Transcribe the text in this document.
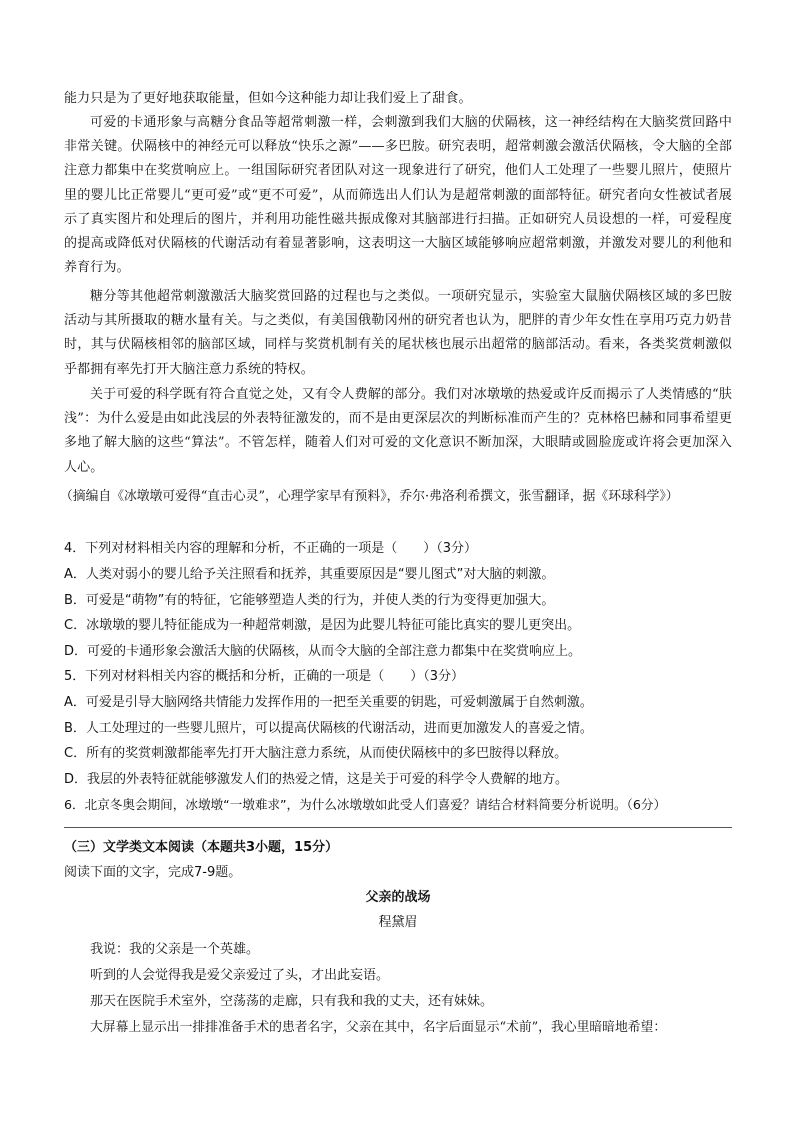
能力只是为了更好地获取能量，但如今这种能力却让我们爱上了甜食。

可爱的卡通形象与高糖分食品等超常刺激一样，会刺激到我们大脑的伏隔核，这一神经结构在大脑奖赏回路中非常关键。伏隔核中的神经元可以释放“快乐之源”——多巴胺。研究表明，超常刺激会激活伏隔核，令大脑的全部注意力都集中在奖赏响应上。一组国际研究者团队对这一现象进行了研究，他们人工处理了一些婴儿照片，使照片里的婴儿比正常婴儿“更可爱”或“更不可爱”，从而筛选出人们认为是超常刺激的面部特征。研究者向女性被试者展示了真实图片和处理后的图片，并利用功能性磁共振成像对其脑部进行扫描。正如研究人员设想的一样，可爱程度的提高或降低对伏隔核的代谢活动有着显著影响，这表明这一大脑区域能够响应超常刺激，并激发对婴儿的利他和养育行为。

糖分等其他超常刺激激活大脑奖赏回路的过程也与之类似。一项研究显示，实验室大鼠脑伏隔核区域的多巴胺活动与其所摄取的糖水量有关。与之类似，有美国俄勒冈州的研究者也认为，肥胖的青少年女性在享用巧克力奶昔时，其与伏隔核相邻的脑部区域，同样与奖赏机制有关的尾状核也展示出超常的脑部活动。看来，各类奖赏刺激似乎都拥有率先打开大脑注意力系统的特权。

关于可爱的科学既有符合直觉之处，又有令人费解的部分。我们对冰墩墩的热爱或许反而揭示了人类情感的“肤浅”：为什么爱是由如此浅层的外表特征激发的，而不是由更深层次的判断标准而产生的？克林格巴赫和同事希望更多地了解大脑的这些“算法”。不管怎样，随着人们对可爱的文化意识不断加深，大眼睛或圆脸庞或许将会更加深入人心。

（摘编自《冰墩墩可爱得“直击心灵”，心理学家早有预料》，乔尔·弗洛利希撰文，张雪翻译，据《环球科学》）

4．下列对材料相关内容的理解和分析，不正确的一项是（　　）（3分）

A．人类对弱小的婴儿给予关注照看和抚养，其重要原因是“婴儿图式”对大脑的刺激。

B．可爱是“萌物”有的特征，它能够塑造人类的行为，并使人类的行为变得更加强大。

C．冰墩墩的婴儿特征能成为一种超常刺激，是因为此婴儿特征可能比真实的婴儿更突出。

D．可爱的卡通形象会激活大脑的伏隔核，从而令大脑的全部注意力都集中在奖赏响应上。

5．下列对材料相关内容的概括和分析，正确的一项是（　　）（3分）

A．可爱是引导大脑网络共情能力发挥作用的一把至关重要的钥匙，可爱刺激属于自然刺激。

B．人工处理过的一些婴儿照片，可以提高伏隔核的代谢活动，进而更加激发人的喜爱之情。

C．所有的奖赏刺激都能率先打开大脑注意力系统，从而使伏隔核中的多巴胺得以释放。

D．我层的外表特征就能够激发人们的热爱之情，这是关于可爱的科学令人费解的地方。

6．北京冬奥会期间，冰墩墩“一墩难求”，为什么冰墩墩如此受人们喜爱？请结合材料简要分析说明。（6分）

（三）文学类文本阅读（本题共3小题，15分）

阅读下面的文字，完成7-9题。

父亲的战场

程黛眉

我说：我的父亲是一个英雄。

听到的人会觉得我是爱父亲爱过了头，才出此妄语。

那天在医院手术室外，空荡荡的走廊，只有我和我的丈夫，还有妹妹。

大屏幕上显示出一排排准备手术的患者名字，父亲在其中，名字后面显示“术前”，我心里暗暗地希望：
